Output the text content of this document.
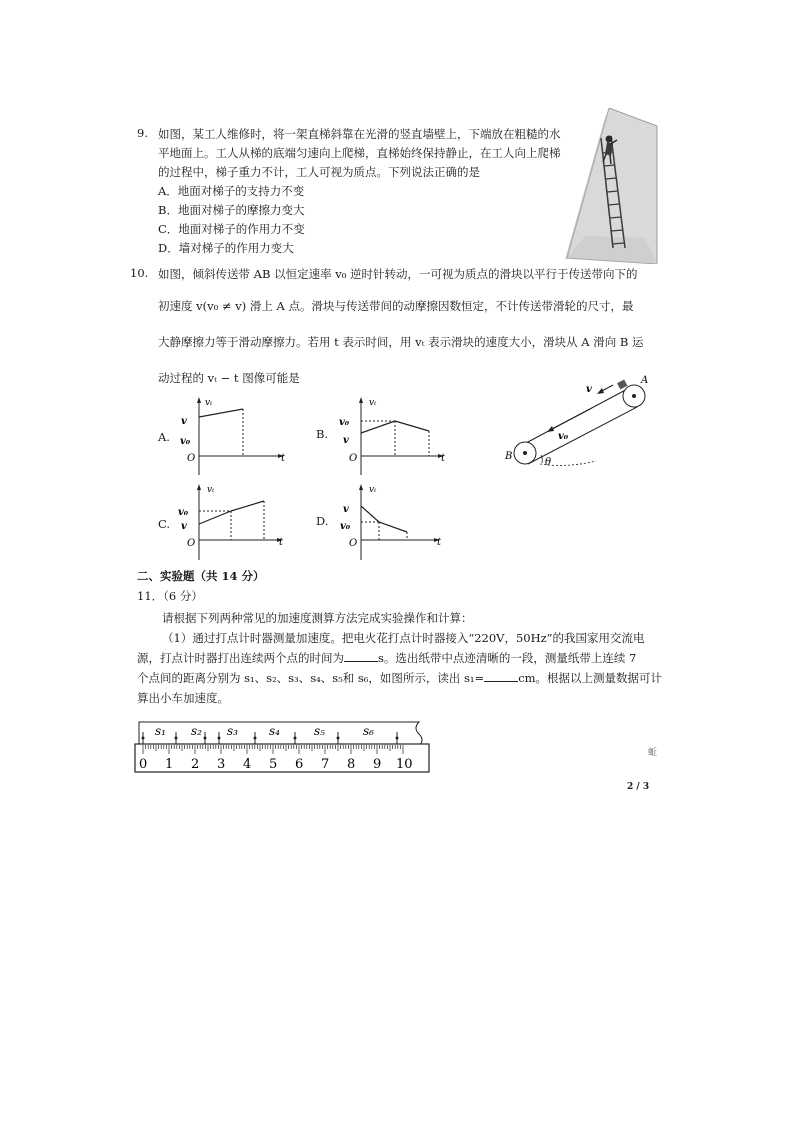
9. 如图，某工人维修时，将一架直梯斜靠在光滑的竖直墙壁上，下端放在粗糙的水
平地面上。工人从梯的底端匀速向上爬梯，直梯始终保持静止，在工人向上爬梯
的过程中，梯子重力不计，工人可视为质点。下列说法正确的是
A．地面对梯子的支持力不变
B．地面对梯子的摩擦力变大
C．地面对梯子的作用力不变
D．墙对梯子的作用力变大
10. 如图，倾斜传送带 AB 以恒定速率 v₀ 逆时针转动，一可视为质点的滑块以平行于传送带向下的
初速度 v(v₀ ≠ v) 滑上 A 点。滑块与传送带间的动摩擦因数恒定，不计传送带滑轮的尺寸，最
大静摩擦力等于滑动摩擦力。若用 t 表示时间，用 vₜ 表示滑块的速度大小，滑块从 A 滑向 B 运
动过程的 vₜ − t 图像可能是
A.
vₜ
v
v₀
O	t
B.
vₜ
v₀
v
O	t
v
A
v₀
B
θ
C.
vₜ
v₀
v
O	t
D.
vₜ
v
v₀
O	t
二、实验题（共 14 分）
11．（6 分）
请根据下列两种常见的加速度测算方法完成实验操作和计算：
（1）通过打点计时器测量加速度。把电火花打点计时器接入“220V，50Hz”的我国家用交流电
源，打点计时器打出连续两个点的时间为	s。选出纸带中点迹清晰的一段，测量纸带上连续 7
个点间的距离分别为 s₁、s₂、s₃、s₄、s₅和 s₆，如图所示，读出 s₁=	cm。根据以上测量数据可计
算出小车加速度。
s₁ s₂ s₃	s₄	s₅	s₆
0 1 2 3 4 5 6 7 8 9 10
蚯
2 / 3
